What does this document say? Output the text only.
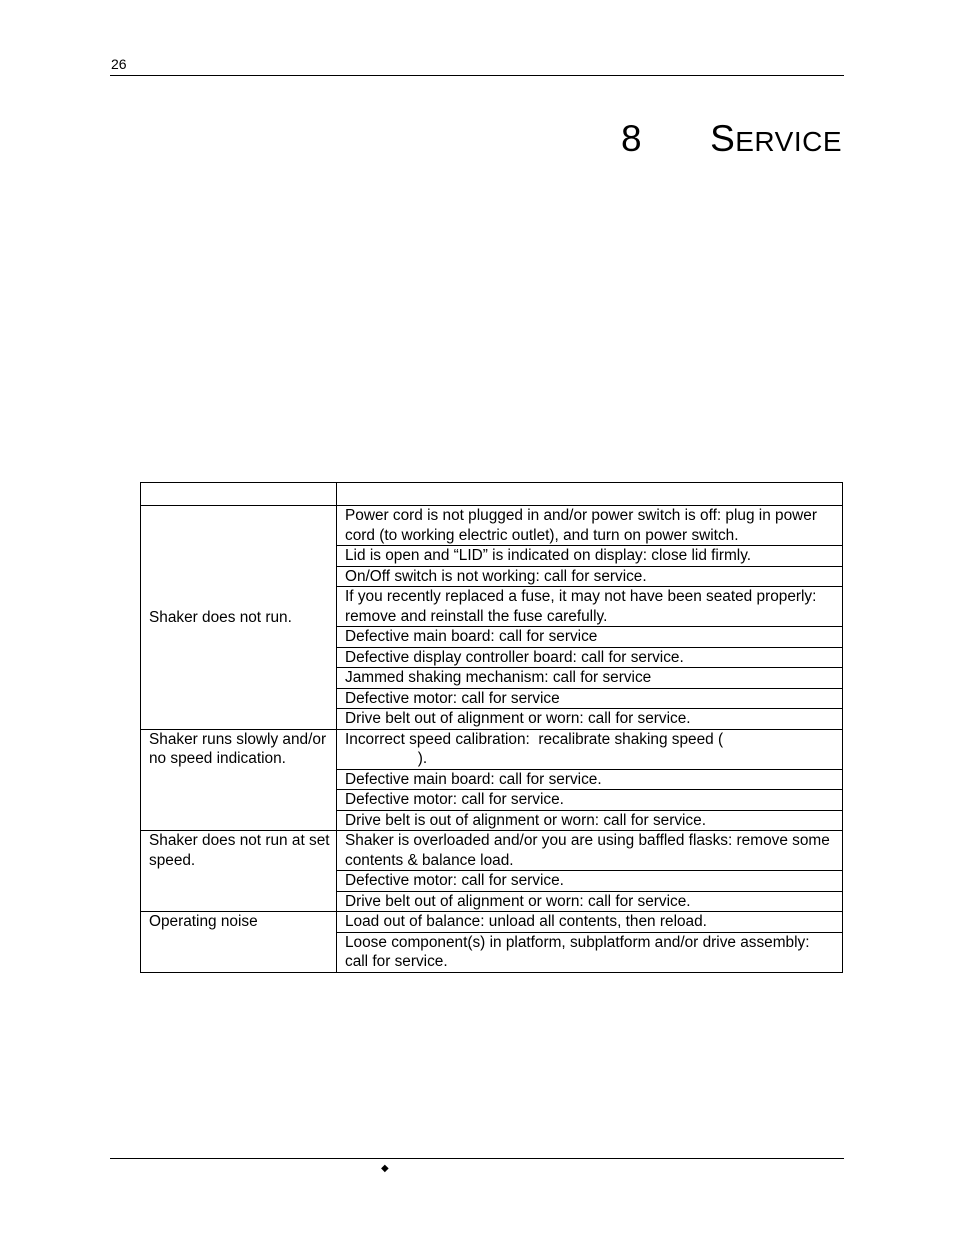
26
8 SERVICE

Shaker does not run.	Power cord is not plugged in and/or power switch is off: plug in power cord (to working electric outlet), and turn on power switch.
	Lid is open and “LID” is indicated on display: close lid firmly.
	On/Off switch is not working: call for service.
	If you recently replaced a fuse, it may not have been seated properly: remove and reinstall the fuse carefully.
	Defective main board: call for service
	Defective display controller board: call for service.
	Jammed shaking mechanism: call for service
	Defective motor: call for service
	Drive belt out of alignment or worn: call for service.
Shaker runs slowly and/or no speed indication.	Incorrect speed calibration:  recalibrate shaking speed (
).
	Defective main board: call for service.
	Defective motor: call for service.
	Drive belt is out of alignment or worn: call for service.
Shaker does not run at set speed.	Shaker is overloaded and/or you are using baffled flasks: remove some contents & balance load.
	Defective motor: call for service.
	Drive belt out of alignment or worn: call for service.
Operating noise	Load out of balance: unload all contents, then reload.
	Loose component(s) in platform, subplatform and/or drive assembly: call for service.
◆
